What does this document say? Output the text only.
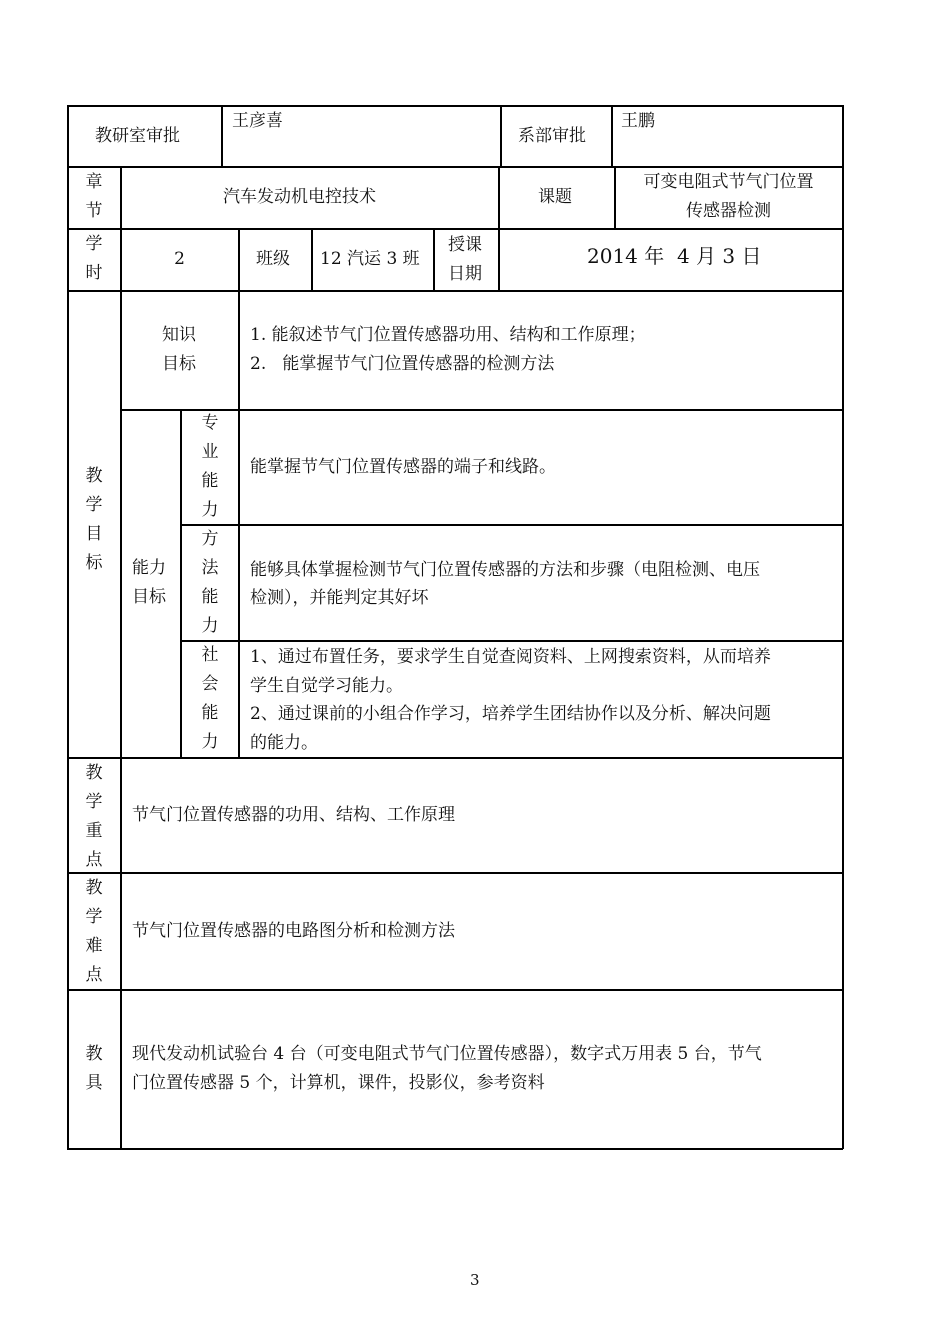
教研室审批
王彦喜
系部审批
王鹏
章节
汽车发动机电控技术	课题
可变电阻式节气门位置
传感器检测
学时
2	班级 12 汽运 3 班
授课
日期
2014 年  4 月 3 日
教学目标
知识
目标
1. 能叙述节气门位置传感器功用、结构和工作原理；
2.   能掌握节气门位置传感器的检测方法
能力
目标
专业能力
能掌握节气门位置传感器的端子和线路。
方法能力
能够具体掌握检测节气门位置传感器的方法和步骤（电阻检测、电压
检测），并能判定其好坏
社会能力
1、通过布置任务，要求学生自觉查阅资料、上网搜索资料，从而培养
学生自觉学习能力。
2、通过课前的小组合作学习，培养学生团结协作以及分析、解决问题
的能力。
教学重点
节气门位置传感器的功用、结构、工作原理
教学难点
节气门位置传感器的电路图分析和检测方法
教具
现代发动机试验台 4 台（可变电阻式节气门位置传感器），数字式万用表 5 台，节气
门位置传感器 5 个，计算机，课件，投影仪，参考资料
3
